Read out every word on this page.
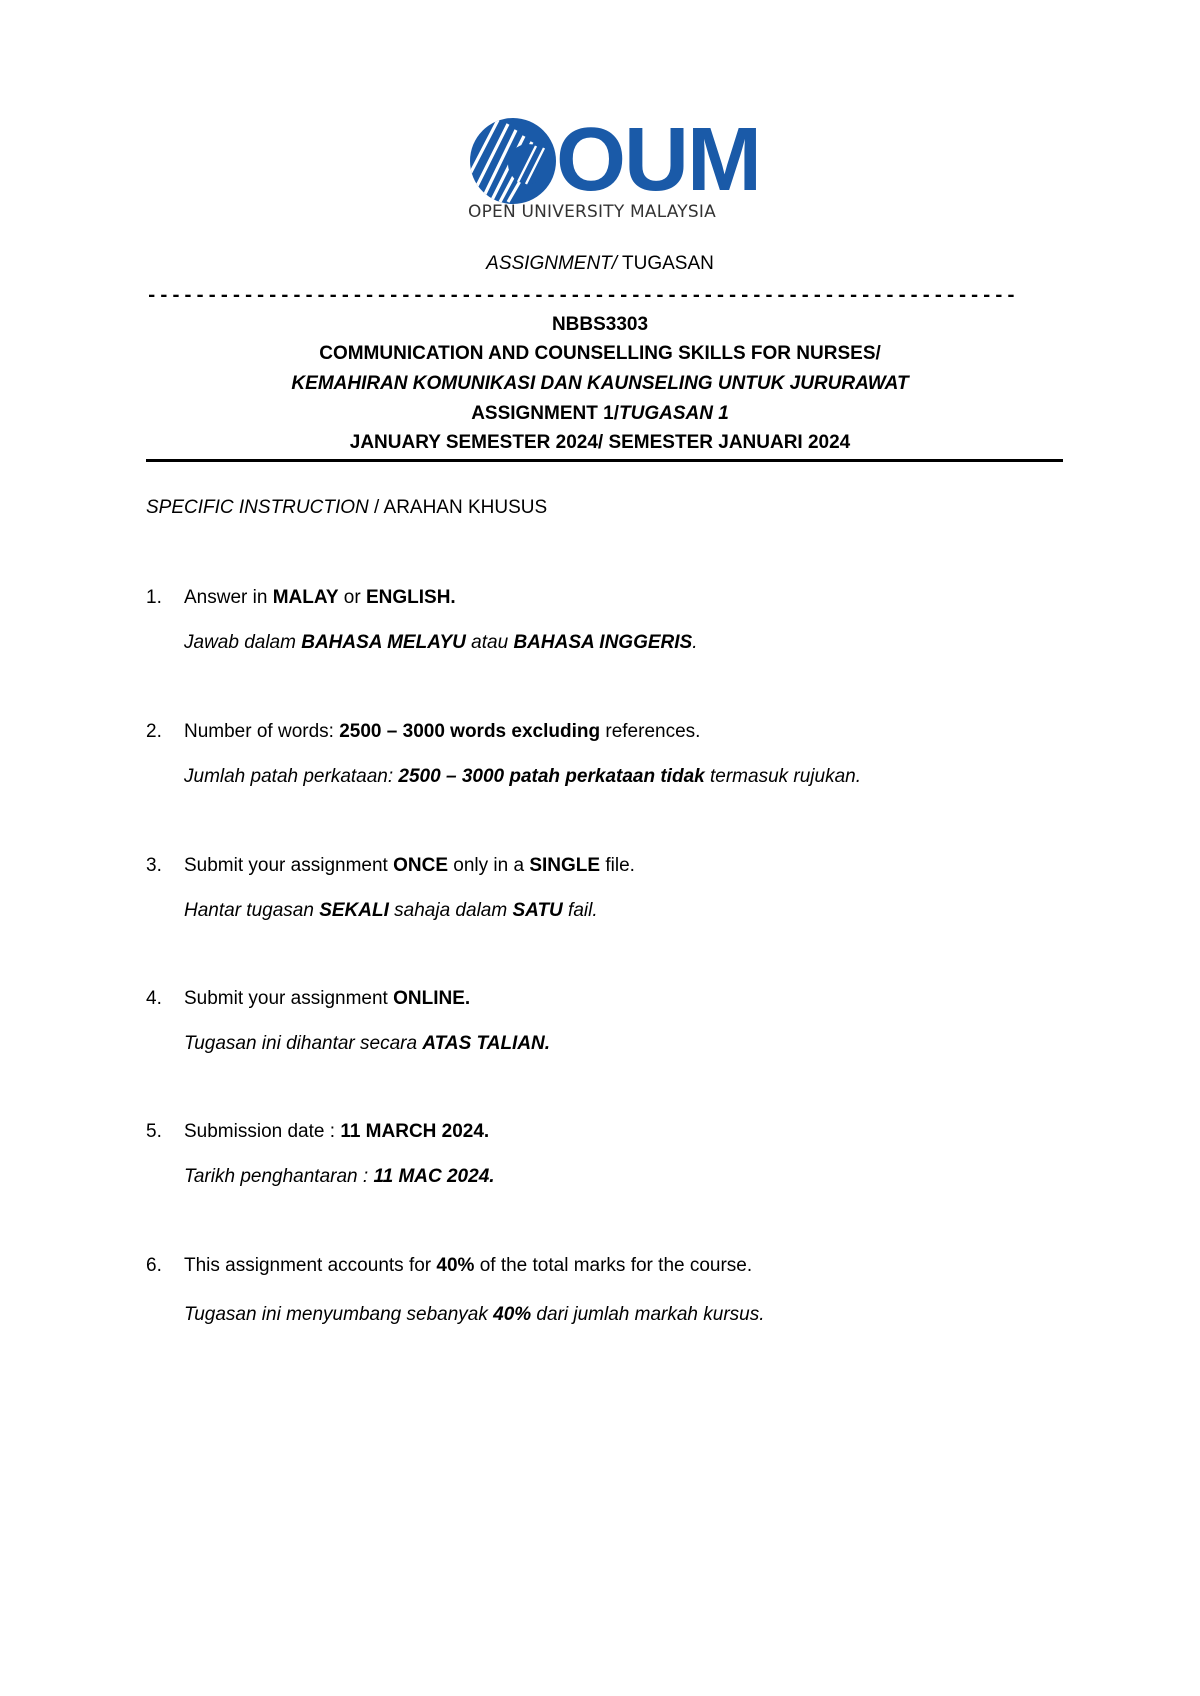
OUM
OPEN UNIVERSITY MALAYSIA
ASSIGNMENT/ TUGASAN
------------------------------------------------------------------------
NBBS3303
COMMUNICATION AND COUNSELLING SKILLS FOR NURSES/
KEMAHIRAN KOMUNIKASI DAN KAUNSELING UNTUK JURURAWAT
ASSIGNMENT 1/TUGASAN 1
JANUARY SEMESTER 2024/ SEMESTER JANUARI 2024
SPECIFIC INSTRUCTION / ARAHAN KHUSUS
1.	Answer in MALAY or ENGLISH.
Jawab dalam BAHASA MELAYU atau BAHASA INGGERIS.
2.	Number of words: 2500 – 3000 words excluding references.
Jumlah patah perkataan: 2500 – 3000 patah perkataan tidak termasuk rujukan.
3.	Submit your assignment ONCE only in a SINGLE file.
Hantar tugasan SEKALI sahaja dalam SATU fail.
4.	Submit your assignment ONLINE.
Tugasan ini dihantar secara ATAS TALIAN.
5.	Submission date : 11 MARCH 2024.
Tarikh penghantaran : 11 MAC 2024.
6.	This assignment accounts for 40% of the total marks for the course.
Tugasan ini menyumbang sebanyak 40% dari jumlah markah kursus.
